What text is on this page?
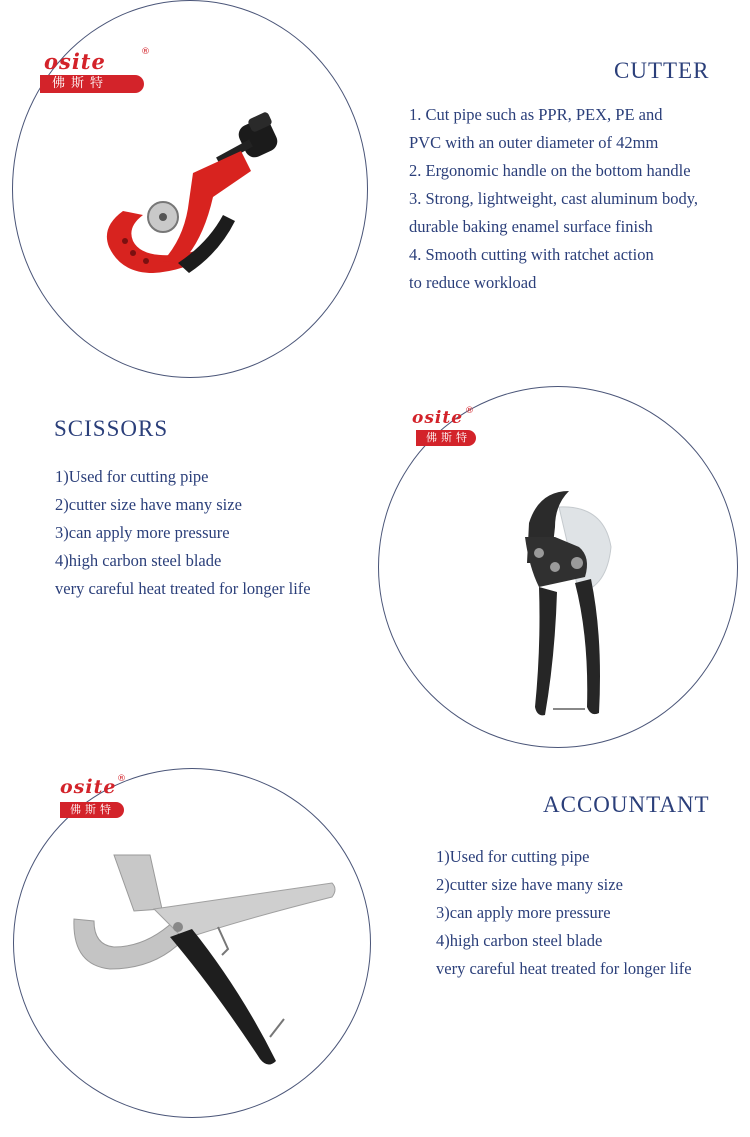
osite	®
佛斯特
CUTTER
1. Cut pipe such as PPR, PEX, PE and
PVC with an outer diameter of 42mm
2. Ergonomic handle on the bottom handle
3. Strong, lightweight, cast aluminum body,
durable baking enamel surface finish
4. Smooth cutting with ratchet action
to reduce workload
SCISSORS
1)Used for cutting pipe
2)cutter size have many size
3)can apply more pressure
4)high carbon steel blade
very careful heat treated for longer life
osite ®
佛斯特
osite ®
佛斯特	ACCOUNTANT
1)Used for cutting pipe
2)cutter size have many size
3)can apply more pressure
4)high carbon steel blade
very careful heat treated for longer life
